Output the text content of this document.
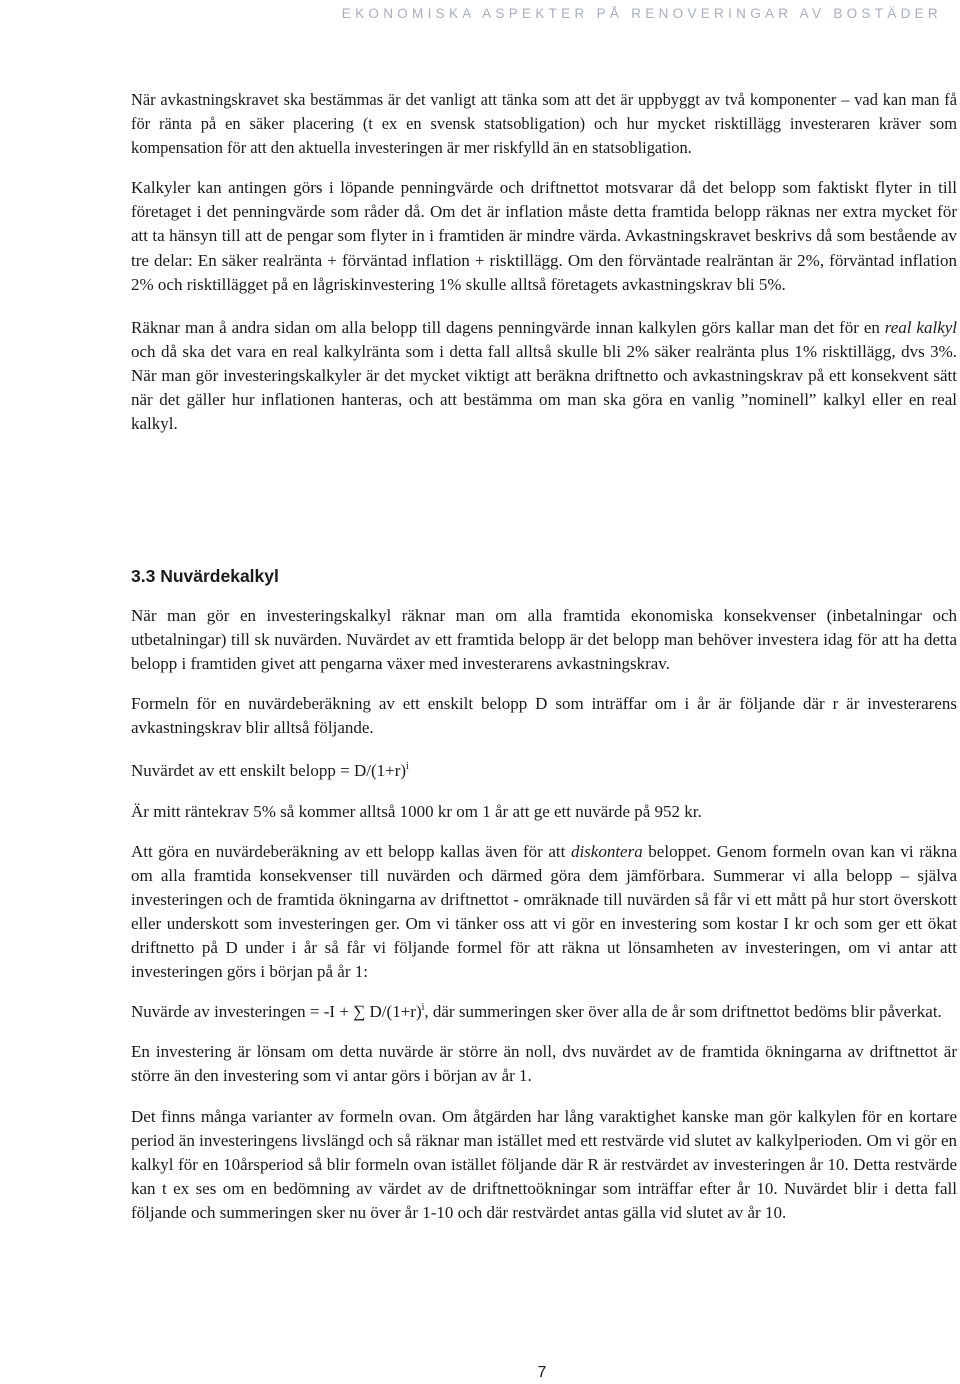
EKONOMISKA ASPEKTER PÅ RENOVERINGAR AV BOSTÄDER

När avkastningskravet ska bestämmas är det vanligt att tänka som att det är uppbyggt av två komponenter – vad kan man få för ränta på en säker placering (t ex en svensk statsobligation) och hur mycket risktillägg investeraren kräver som kompensation för att den aktuella investeringen är mer riskfylld än en statsobligation.

Kalkyler kan antingen görs i löpande penningvärde och driftnettot motsvarar då det belopp som faktiskt flyter in till företaget i det penningvärde som råder då. Om det är inflation måste detta framtida belopp räknas ner extra mycket för att ta hänsyn till att de pengar som flyter in i framtiden är mindre värda. Avkastningskravet beskrivs då som bestående av tre delar: En säker realränta + förväntad inflation + risktillägg. Om den förväntade realräntan är 2%, förväntad inflation 2% och risktillägget på en lågriskinvestering 1% skulle alltså företagets avkastningskrav bli 5%.

Räknar man å andra sidan om alla belopp till dagens penningvärde innan kalkylen görs kallar man det för en real kalkyl och då ska det vara en real kalkylränta som i detta fall alltså skulle bli 2% säker realränta plus 1% risktillägg, dvs 3%. När man gör investeringskalkyler är det mycket viktigt att beräkna driftnetto och avkastningskrav på ett konsekvent sätt när det gäller hur inflationen hanteras, och att bestämma om man ska göra en vanlig ”nominell” kalkyl eller en real kalkyl.

3.3 Nuvärdekalkyl

När man gör en investeringskalkyl räknar man om alla framtida ekonomiska konsekvenser (inbetalningar och utbetalningar) till sk nuvärden. Nuvärdet av ett framtida belopp är det belopp man behöver investera idag för att ha detta belopp i framtiden givet att pengarna växer med investerarens avkastningskrav.

Formeln för en nuvärdeberäkning av ett enskilt belopp D som inträffar om i år är följande där r är investerarens avkastningskrav blir alltså följande.

Nuvärdet av ett enskilt belopp = $D/(1+r)^i$

Är mitt räntekrav 5% så kommer alltså 1000 kr om 1 år att ge ett nuvärde på 952 kr.

Att göra en nuvärdeberäkning av ett belopp kallas även för att diskontera beloppet. Genom formeln ovan kan vi räkna om alla framtida konsekvenser till nuvärden och därmed göra dem jämförbara. Summerar vi alla belopp – själva investeringen och de framtida ökningarna av driftnettot - omräknade till nuvärden så får vi ett mått på hur stort överskott eller underskott som investeringen ger. Om vi tänker oss att vi gör en investering som kostar I kr och som ger ett ökat driftnetto på D under i år så får vi följande formel för att räkna ut lönsamheten av investeringen, om vi antar att investeringen görs i början på år 1:

Nuvärde av investeringen = -I + ∑ $D/(1+r)^i$, där summeringen sker över alla de år som driftnettot bedöms blir påverkat.

En investering är lönsam om detta nuvärde är större än noll, dvs nuvärdet av de framtida ökningarna av driftnettot är större än den investering som vi antar görs i början av år 1.

Det finns många varianter av formeln ovan. Om åtgärden har lång varaktighet kanske man gör kalkylen för en kortare period än investeringens livslängd och så räknar man istället med ett restvärde vid slutet av kalkylperioden. Om vi gör en kalkyl för en 10årsperiod så blir formeln ovan istället följande där R är restvärdet av investeringen år 10. Detta restvärde kan t ex ses om en bedömning av värdet av de driftnettoökningar som inträffar efter år 10. Nuvärdet blir i detta fall följande och summeringen sker nu över år 1-10 och där restvärdet antas gälla vid slutet av år 10.

7
